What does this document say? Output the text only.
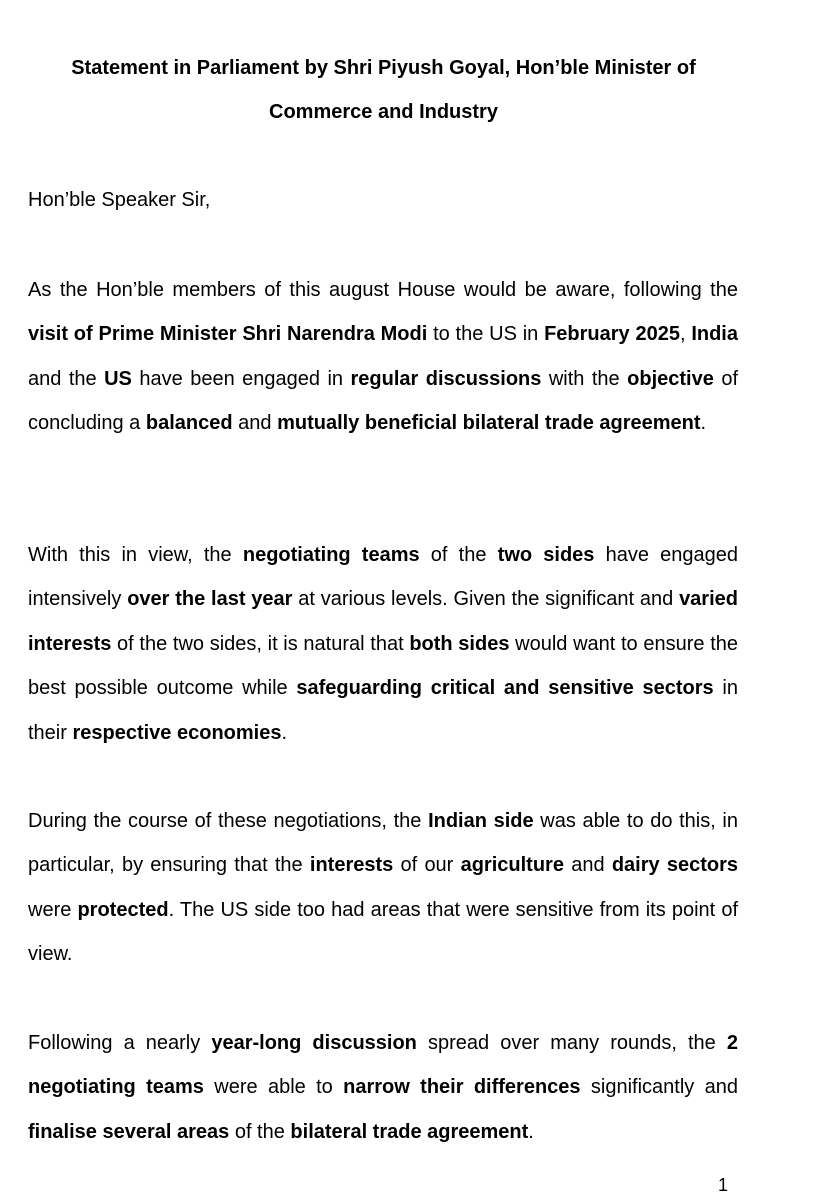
Statement in Parliament by Shri Piyush Goyal, Hon’ble Minister of
Commerce and Industry

Hon’ble Speaker Sir,

As the Hon’ble members of this august House would be aware, following the visit of Prime Minister Shri Narendra Modi to the US in February 2025, India and the US have been engaged in regular discussions with the objective of concluding a balanced and mutually beneficial bilateral trade agreement.

With this in view, the negotiating teams of the two sides have engaged intensively over the last year at various levels. Given the significant and varied interests of the two sides, it is natural that both sides would want to ensure the best possible outcome while safeguarding critical and sensitive sectors in their respective economies.

During the course of these negotiations, the Indian side was able to do this, in particular, by ensuring that the interests of our agriculture and dairy sectors were protected. The US side too had areas that were sensitive from its point of view.

Following a nearly year-long discussion spread over many rounds, the 2 negotiating teams were able to narrow their differences significantly and finalise several areas of the bilateral trade agreement.

1
